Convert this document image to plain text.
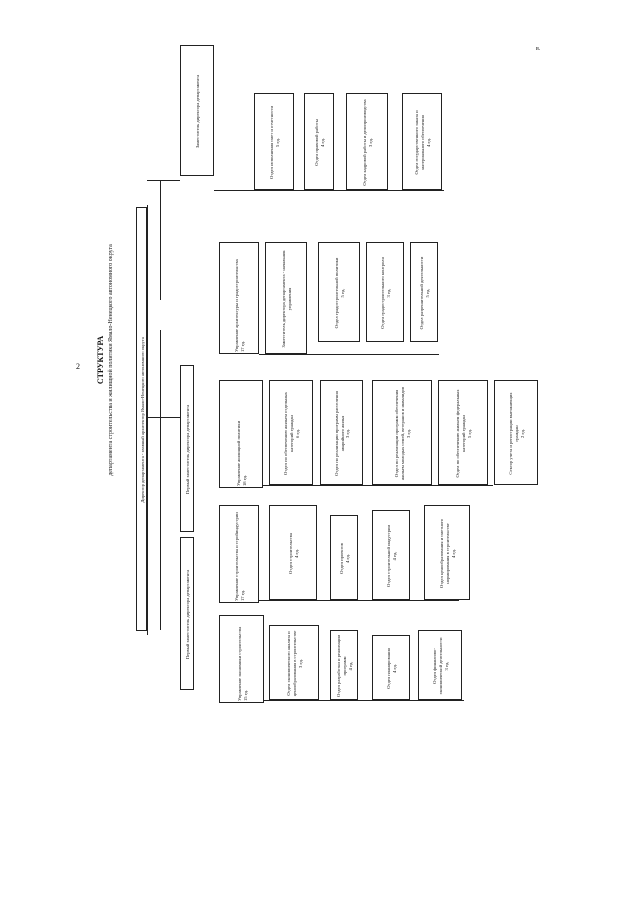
2
в.
СТРУКТУРА департамента строительства и жилищной политики Ямало-Ненецкого автономного округа	Директор департамента - главный архитектор Ямало-Ненецкого автономного округа
Первый заместитель директора департамента
Первый заместитель директора департамента
Заместитель директора департамента
Управление экономики строительства
15 ед.	Отдел экономического анализа и ценообразования в строительстве
3 ед.	Отдел разработки и реализации программ
4 ед.	Отдел планирования
4 ед.	Отдел финансово-экономической деятельности
3 ед.
Управление строительства и стройиндустрии
17 ед.
Отдел строительства
4 ед.	Отдел проектов
4 ед.	Отдел строительной индустрии
4 ед.	Отдел ценообразования и сметного нормирования в строительстве
4 ед.
Управление жилищной политики
18 ед.
Отдел по обеспечению жильем отдельных категорий граждан
6 ед.	Отдел по реализации программ расселения аварийного жилья
3 ед.	Отдел по реализации программ обеспечения жильем молодых семей, ветеранов и инвалидов
3 ед.	Отдел по обеспечению жильем федеральных категорий граждан
5 ед.	Сектор учета и регистрации выезжающих граждан
2 ед.
Управление архитектуры и градостроительства
17 ед.	Заместитель директора департамента - начальник управления	Отдел градостроительной политики
5 ед.	Отдел градостроительного контроля
3 ед.	Отдел разрешительной деятельности
5 ед.
Отдел исполнения смет и отчетности
5 ед.	Отдел правовой работы
4 ед.	Отдел кадровой работы и делопроизводства
3 ед.	Отдел государственного заказа и материального обеспечения
4 ед.
